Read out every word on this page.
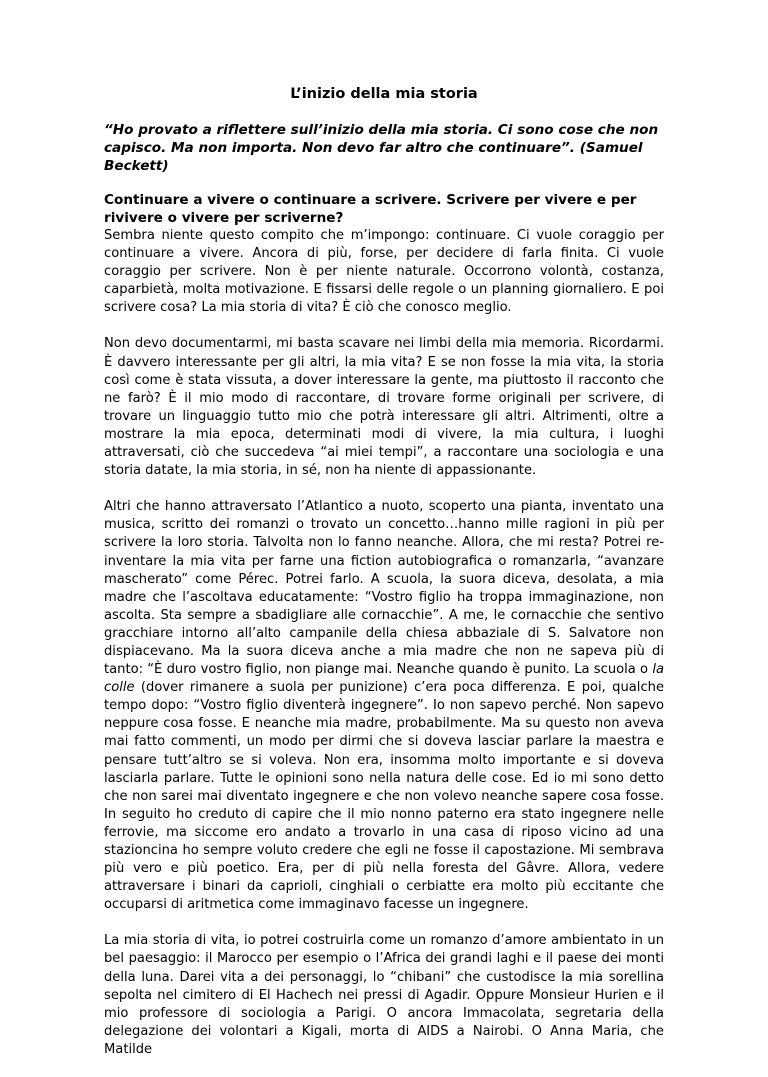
L’inizio della mia storia
“Ho provato a riflettere sull’inizio della mia storia. Ci sono cose che non capisco. Ma non importa. Non devo far altro che continuare”. (Samuel Beckett)
Continuare a vivere o continuare a scrivere. Scrivere per vivere e per rivivere o vivere per scriverne?

Sembra niente questo compito che m’impongo: continuare. Ci vuole coraggio per continuare a vivere. Ancora di più, forse, per decidere di farla finita. Ci vuole coraggio per scrivere. Non è per niente naturale. Occorrono volontà, costanza, caparbietà, molta motivazione. E fissarsi delle regole o un planning giornaliero. E poi scrivere cosa? La mia storia di vita? È ciò che conosco meglio.

Non devo documentarmi, mi basta scavare nei limbi della mia memoria. Ricordarmi. È davvero interessante per gli altri, la mia vita? E se non fosse la mia vita, la storia così come è stata vissuta, a dover interessare la gente, ma piuttosto il racconto che ne farò? È il mio modo di raccontare, di trovare forme originali per scrivere, di trovare un linguaggio tutto mio che potrà interessare gli altri. Altrimenti, oltre a mostrare la mia epoca, determinati modi di vivere, la mia cultura, i luoghi attraversati, ciò che succedeva “ai miei tempi”, a raccontare una sociologia e una storia datate, la mia storia, in sé, non ha niente di appassionante.

Altri che hanno attraversato l’Atlantico a nuoto, scoperto una pianta, inventato una musica, scritto dei romanzi o trovato un concetto…hanno mille ragioni in più per scrivere la loro storia. Talvolta non lo fanno neanche. Allora, che mi resta? Potrei re-inventare la mia vita per farne una fiction autobiografica o romanzarla, “avanzare mascherato” come Pérec. Potrei farlo. A scuola, la suora diceva, desolata, a mia madre che l’ascoltava educatamente: “Vostro figlio ha troppa immaginazione, non ascolta. Sta sempre a sbadigliare alle cornacchie”. A me, le cornacchie che sentivo gracchiare intorno all’alto campanile della chiesa abbaziale di S. Salvatore non dispiacevano. Ma la suora diceva anche a mia madre che non ne sapeva più di tanto: “È duro vostro figlio, non piange mai. Neanche quando è punito. La scuola o la colle (dover rimanere a suola per punizione) c’era poca differenza. E poi, qualche tempo dopo: “Vostro figlio diventerà ingegnere”. Io non sapevo perché. Non sapevo neppure cosa fosse. E neanche mia madre, probabilmente. Ma su questo non aveva mai fatto commenti, un modo per dirmi che si doveva lasciar parlare la maestra e pensare tutt’altro se si voleva. Non era, insomma molto importante e si doveva lasciarla parlare. Tutte le opinioni sono nella natura delle cose. Ed io mi sono detto che non sarei mai diventato ingegnere e che non volevo neanche sapere cosa fosse. In seguito ho creduto di capire che il mio nonno paterno era stato ingegnere nelle ferrovie, ma siccome ero andato a trovarlo in una casa di riposo vicino ad una stazioncina ho sempre voluto credere che egli ne fosse il capostazione. Mi sembrava più vero e più poetico. Era, per di più nella foresta del Gâvre. Allora, vedere attraversare i binari da caprioli, cinghiali o cerbiatte era molto più eccitante che occuparsi di aritmetica come immaginavo facesse un ingegnere.

La mia storia di vita, io potrei costruirla come un romanzo d’amore ambientato in un bel paesaggio: il Marocco per esempio o l’Africa dei grandi laghi e il paese dei monti della luna. Darei vita a dei personaggi, lo “chibani” che custodisce la mia sorellina sepolta nel cimitero di El Hachech nei pressi di Agadir. Oppure Monsieur Hurien e il mio professore di sociologia a Parigi. O ancora Immacolata, segretaria della delegazione dei volontari a Kigali, morta di AIDS a Nairobi. O Anna Maria, che Matilde
